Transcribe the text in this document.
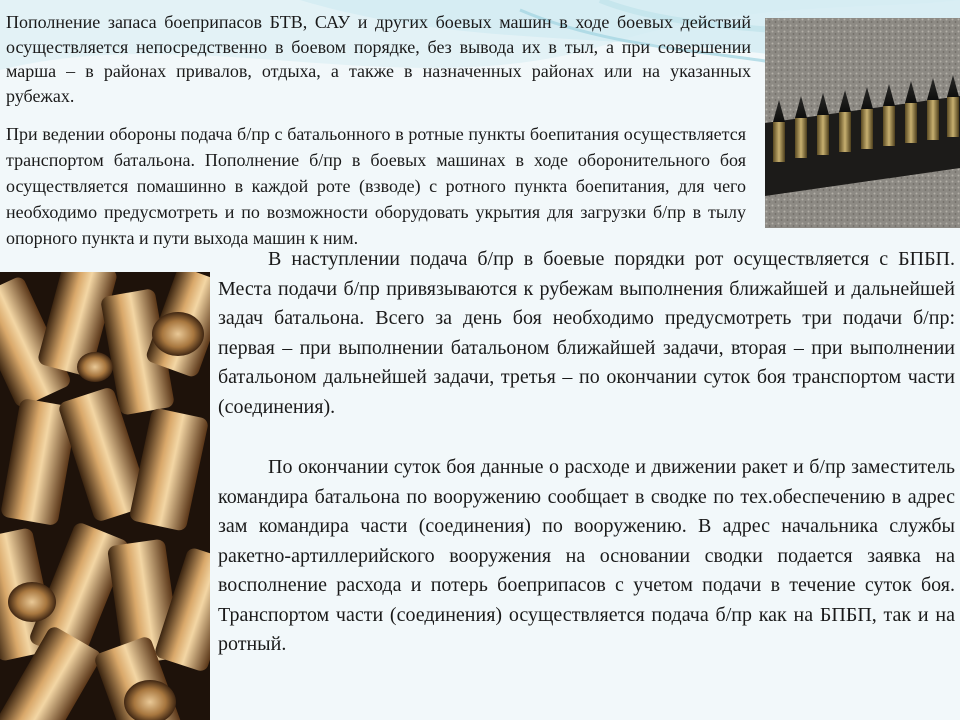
Пополнение запаса боеприпасов БТВ, САУ и других боевых машин в ходе боевых действий осуществляется непосредственно в боевом порядке, без вывода их в тыл, а при совершении марша – в районах привалов, отдыха, а также в назначенных районах или на указанных рубежах.

При ведении обороны подача б/пр с батальонного в ротные пункты боепитания осуществляется транспортом батальона. Пополнение б/пр в боевых машинах в ходе оборонительного боя осуществляется помашинно в каждой роте (взводе) с ротного пункта боепитания, для чего необходимо предусмотреть и по возможности оборудовать укрытия для загрузки б/пр в тылу опорного пункта и пути выхода машин к ним.

В наступлении подача б/пр в боевые порядки рот осуществляется с БПБП. Места подачи б/пр привязываются к рубежам выполнения ближайшей и дальнейшей задач батальона. Всего за день боя необходимо предусмотреть три подачи б/пр: первая – при выполнении батальоном ближайшей задачи, вторая – при выполнении батальоном дальнейшей задачи, третья – по окончании суток боя транспортом части (соединения).

По окончании суток боя данные о расходе и движении ракет и б/пр заместитель командира батальона по вооружению сообщает в сводке по тех.обеспечению в адрес зам командира части (соединения) по вооружению. В адрес начальника службы ракетно-артиллерийского вооружения на основании сводки подается заявка на восполнение расхода и потерь боеприпасов с учетом подачи в течение суток боя. Транспортом части (соединения) осуществляется подача б/пр как на БПБП, так и на ротный.
